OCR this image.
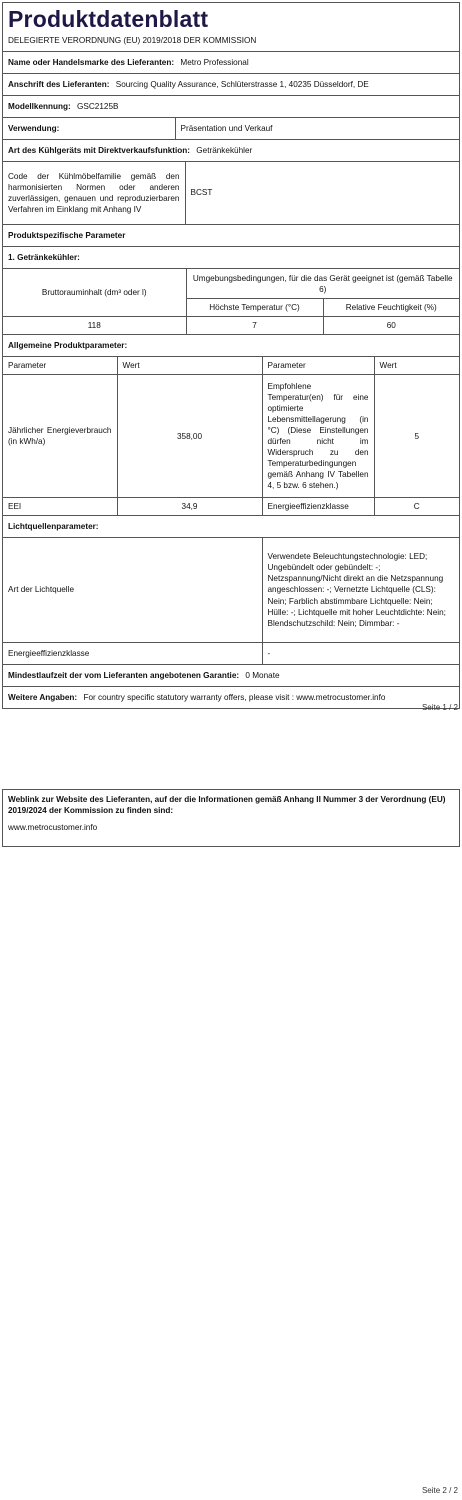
Produktdatenblatt
DELEGIERTE VERORDNUNG (EU) 2019/2018 DER KOMMISSION
Name oder Handelsmarke des Lieferanten: Metro Professional
Anschrift des Lieferanten: Sourcing Quality Assurance, Schlüterstrasse 1, 40235 Düsseldorf, DE
Modellkennung: GSC2125B
Verwendung:	Präsentation und Verkauf
Art des Kühlgeräts mit Direktverkaufsfunktion: Getränkekühler
Code der Kühlmöbelfamilie gemäß den harmonisierten Normen oder anderen zuverlässigen, genauen und reproduzierbaren Verfahren im Einklang mit Anhang IV	BCST
Produktspezifische Parameter
1. Getränkekühler:
Bruttorauminhalt (dm³ oder l)	Umgebungsbedingungen, für die das Gerät geeignet ist (gemäß Tabelle 6)	
	Höchste Temperatur (°C)	Relative Feuchtigkeit (%)
118	7	60
Allgemeine Produktparameter:
Parameter	Wert	Parameter	Wert
Jährlicher Energieverbrauch (in kWh/a)	358,00	Empfohlene Temperatur(en) für eine optimierte Lebensmittellagerung (in °C) (Diese Einstellungen dürfen nicht im Widerspruch zu den Temperaturbedingungen gemäß Anhang IV Tabellen 4, 5 bzw. 6 stehen.)	5
EEI	34,9	Energieeffizienzklasse	C
Lichtquellenparameter:
Art der Lichtquelle	Verwendete Beleuchtungstechnologie: LED; Ungebündelt oder gebündelt: -; Netzspannung/Nicht direkt an die Netzspannung angeschlossen: -; Vernetzte Lichtquelle (CLS): Nein; Farblich abstimmbare Lichtquelle: Nein; Hülle: -; Lichtquelle mit hoher Leuchtdichte: Nein; Blendschutzschild: Nein; Dimmbar: -
Energieeffizienzklasse	-
Mindestlaufzeit der vom Lieferanten angebotenen Garantie: 0 Monate
Weitere Angaben: For country specific statutory warranty offers, please visit : www.metrocustomer.info
Seite 1 / 2
Weblink zur Website des Lieferanten, auf der die Informationen gemäß Anhang II Nummer 3 der Verordnung (EU) 2019/2024 der Kommission zu finden sind:
www.metrocustomer.info
Seite 2 / 2
